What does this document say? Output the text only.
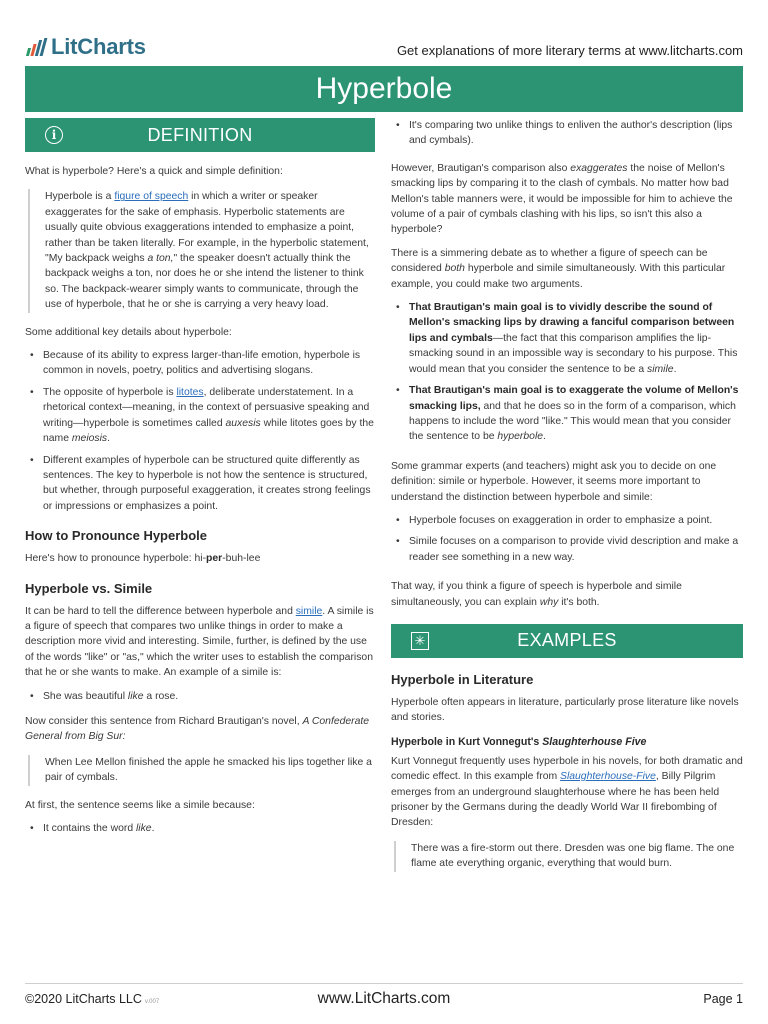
LitCharts	Get explanations of more literary terms at www.litcharts.com
Hyperbole
i	DEFINITION

What is hyperbole? Here's a quick and simple definition:

Hyperbole is a figure of speech in which a writer or speaker exaggerates for the sake of emphasis. Hyperbolic statements are usually quite obvious exaggerations intended to emphasize a point, rather than be taken literally. For example, in the hyperbolic statement, "My backpack weighs a ton," the speaker doesn't actually think the backpack weighs a ton, nor does he or she intend the listener to think so. The backpack-wearer simply wants to communicate, through the use of hyperbole, that he or she is carrying a very heavy load.

Some additional key details about hyperbole:

• Because of its ability to express larger-than-life emotion, hyperbole is common in novels, poetry, politics and advertising slogans.
• The opposite of hyperbole is litotes, deliberate understatement. In a rhetorical context—meaning, in the context of persuasive speaking and writing—hyperbole is sometimes called auxesis while litotes goes by the name meiosis.
• Different examples of hyperbole can be structured quite differently as sentences. The key to hyperbole is not how the sentence is structured, but whether, through purposeful exaggeration, it creates strong feelings or impressions or emphasizes a point.
How to Pronounce Hyperbole

Here's how to pronounce hyperbole: hi-per-buh-lee

Hyperbole vs. Simile

It can be hard to tell the difference between hyperbole and simile. A simile is a figure of speech that compares two unlike things in order to make a description more vivid and interesting. Simile, further, is defined by the use of the words "like" or "as," which the writer uses to establish the comparison that he or she wants to make. An example of a simile is:

• She was beautiful like a rose.

Now consider this sentence from Richard Brautigan's novel, A Confederate General from Big Sur:

When Lee Mellon finished the apple he smacked his lips together like a pair of cymbals.

At first, the sentence seems like a simile because:

• It contains the word like.
• It's comparing two unlike things to enliven the author's description (lips and cymbals).

However, Brautigan's comparison also exaggerates the noise of Mellon's smacking lips by comparing it to the clash of cymbals. No matter how bad Mellon's table manners were, it would be impossible for him to achieve the volume of a pair of cymbals clashing with his lips, so isn't this also a hyperbole?

There is a simmering debate as to whether a figure of speech can be considered both hyperbole and simile simultaneously. With this particular example, you could make two arguments.

• That Brautigan's main goal is to vividly describe the sound of Mellon's smacking lips by drawing a fanciful comparison between lips and cymbals—the fact that this comparison amplifies the lip-smacking sound in an impossible way is secondary to his purpose. This would mean that you consider the sentence to be a simile.
• That Brautigan's main goal is to exaggerate the volume of Mellon's smacking lips, and that he does so in the form of a comparison, which happens to include the word "like." This would mean that you consider the sentence to be hyperbole.

Some grammar experts (and teachers) might ask you to decide on one definition: simile or hyperbole. However, it seems more important to understand the distinction between hyperbole and simile:

• Hyperbole focuses on exaggeration in order to emphasize a point.
• Simile focuses on a comparison to provide vivid description and make a reader see something in a new way.

That way, if you think a figure of speech is hyperbole and simile simultaneously, you can explain why it's both.

✳	EXAMPLES
Hyperbole in Literature

Hyperbole often appears in literature, particularly prose literature like novels and stories.

Hyperbole in Kurt Vonnegut's Slaughterhouse Five

Kurt Vonnegut frequently uses hyperbole in his novels, for both dramatic and comedic effect. In this example from Slaughterhouse-Five, Billy Pilgrim emerges from an underground slaughterhouse where he has been held prisoner by the Germans during the deadly World War II firebombing of Dresden:

There was a fire-storm out there. Dresden was one big flame. The one flame ate everything organic, everything that would burn.
©2020 LitCharts LLC v.007	www.LitCharts.com	Page 1
